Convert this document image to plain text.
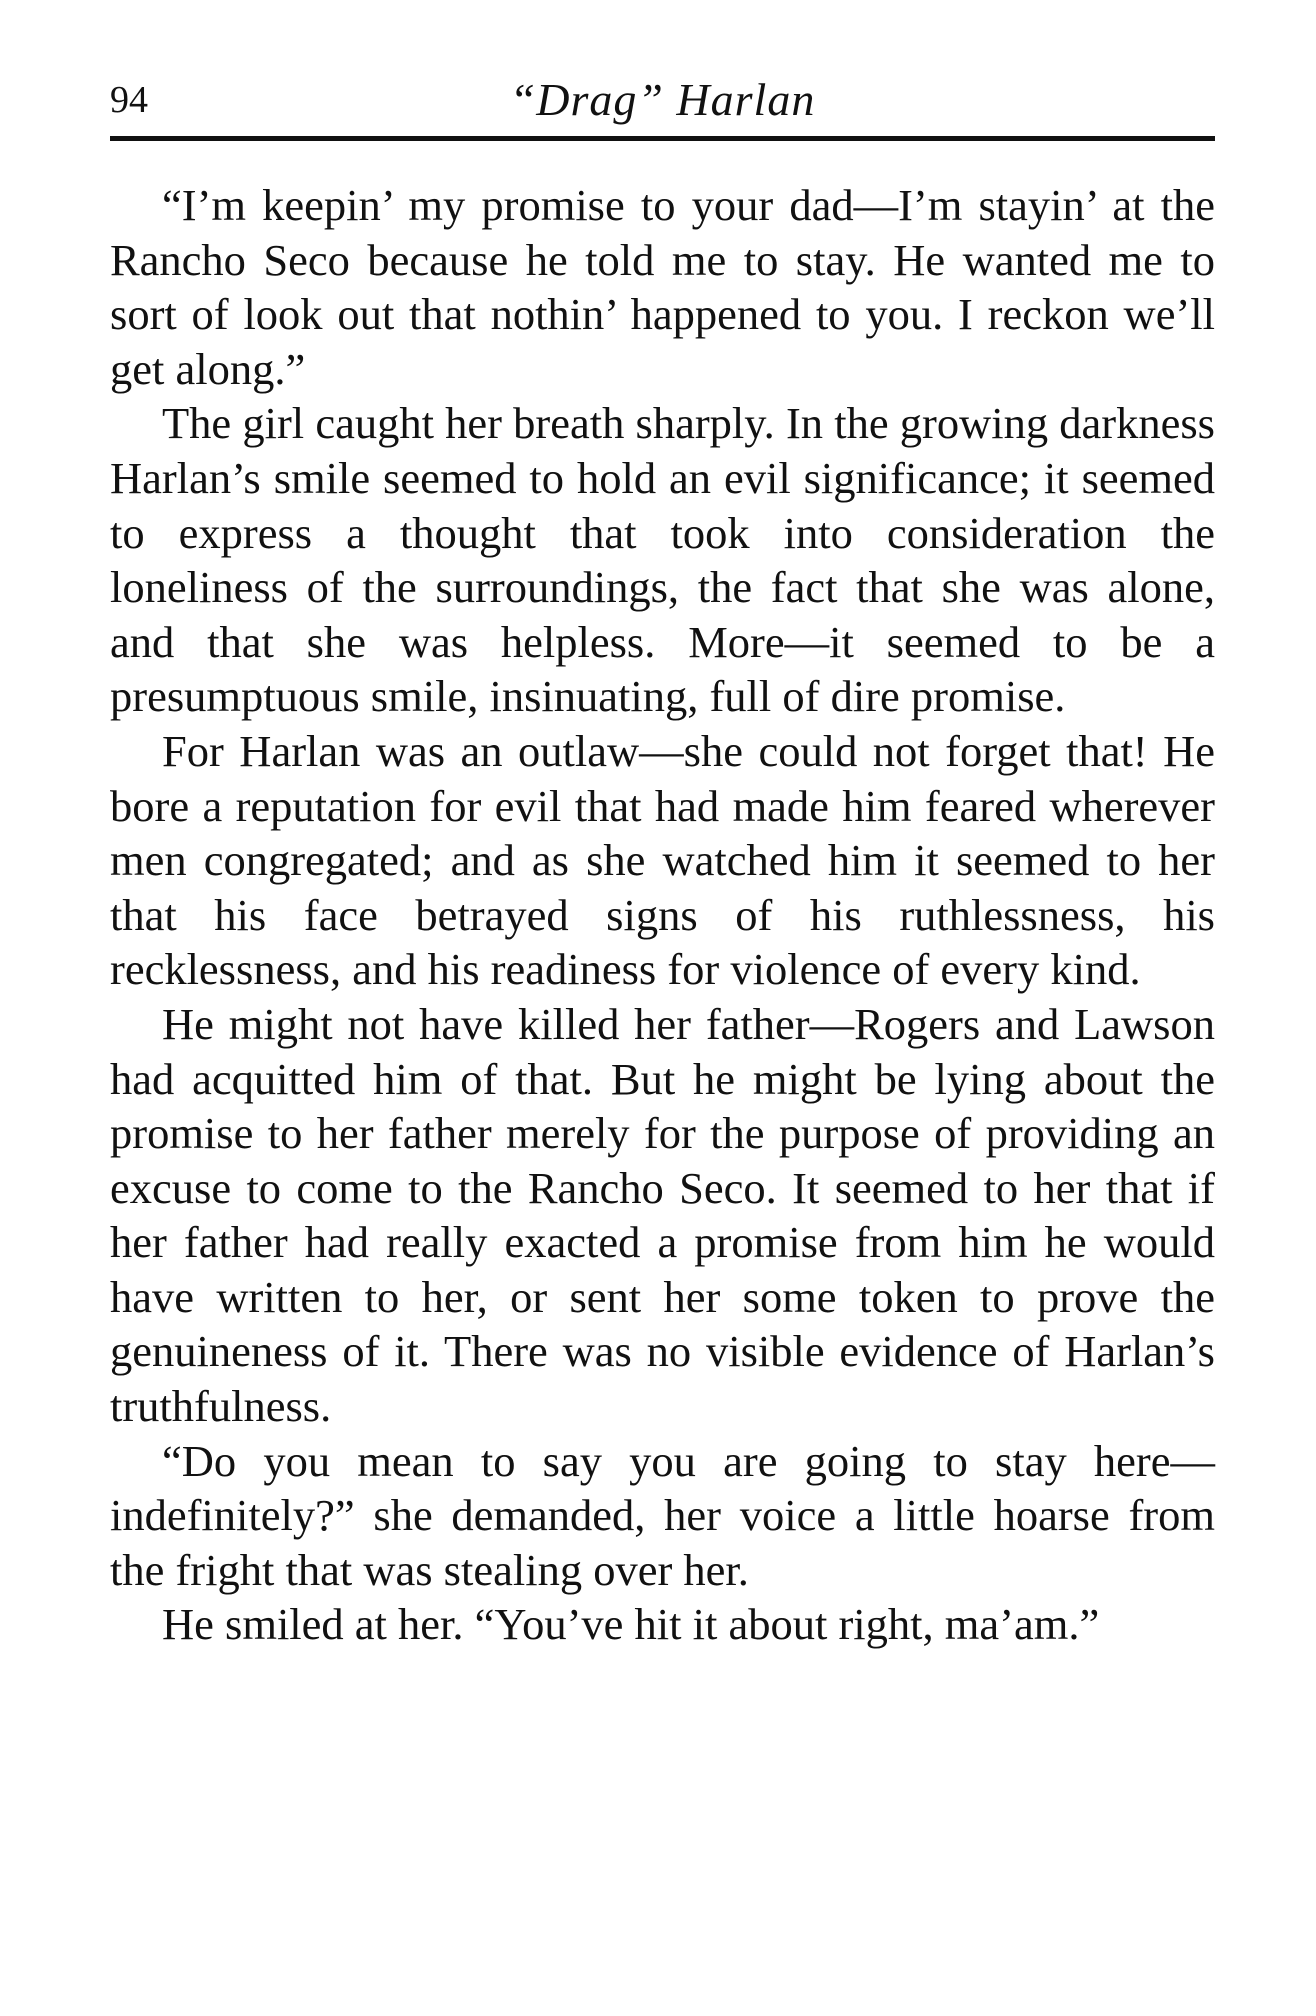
94	“Drag” Harlan

“I’m keepin’ my promise to your dad—I’m stayin’ at the Rancho Seco because he told me to stay. He wanted me to sort of look out that nothin’ happened to you. I reckon we’ll get along.”

The girl caught her breath sharply. In the growing darkness Harlan’s smile seemed to hold an evil significance; it seemed to express a thought that took into consideration the loneliness of the surroundings, the fact that she was alone, and that she was helpless. More—it seemed to be a presumptuous smile, insinuating, full of dire promise.

For Harlan was an outlaw—she could not forget that! He bore a reputation for evil that had made him feared wherever men congregated; and as she watched him it seemed to her that his face betrayed signs of his ruthlessness, his recklessness, and his readiness for violence of every kind.

He might not have killed her father—Rogers and Lawson had acquitted him of that. But he might be lying about the promise to her father merely for the purpose of providing an excuse to come to the Rancho Seco. It seemed to her that if her father had really exacted a promise from him he would have written to her, or sent her some token to prove the genuineness of it. There was no visible evidence of Harlan’s truthfulness.

“Do you mean to say you are going to stay here—indefinitely?” she demanded, her voice a little hoarse from the fright that was stealing over her.

He smiled at her. “You’ve hit it about right, ma’am.”
